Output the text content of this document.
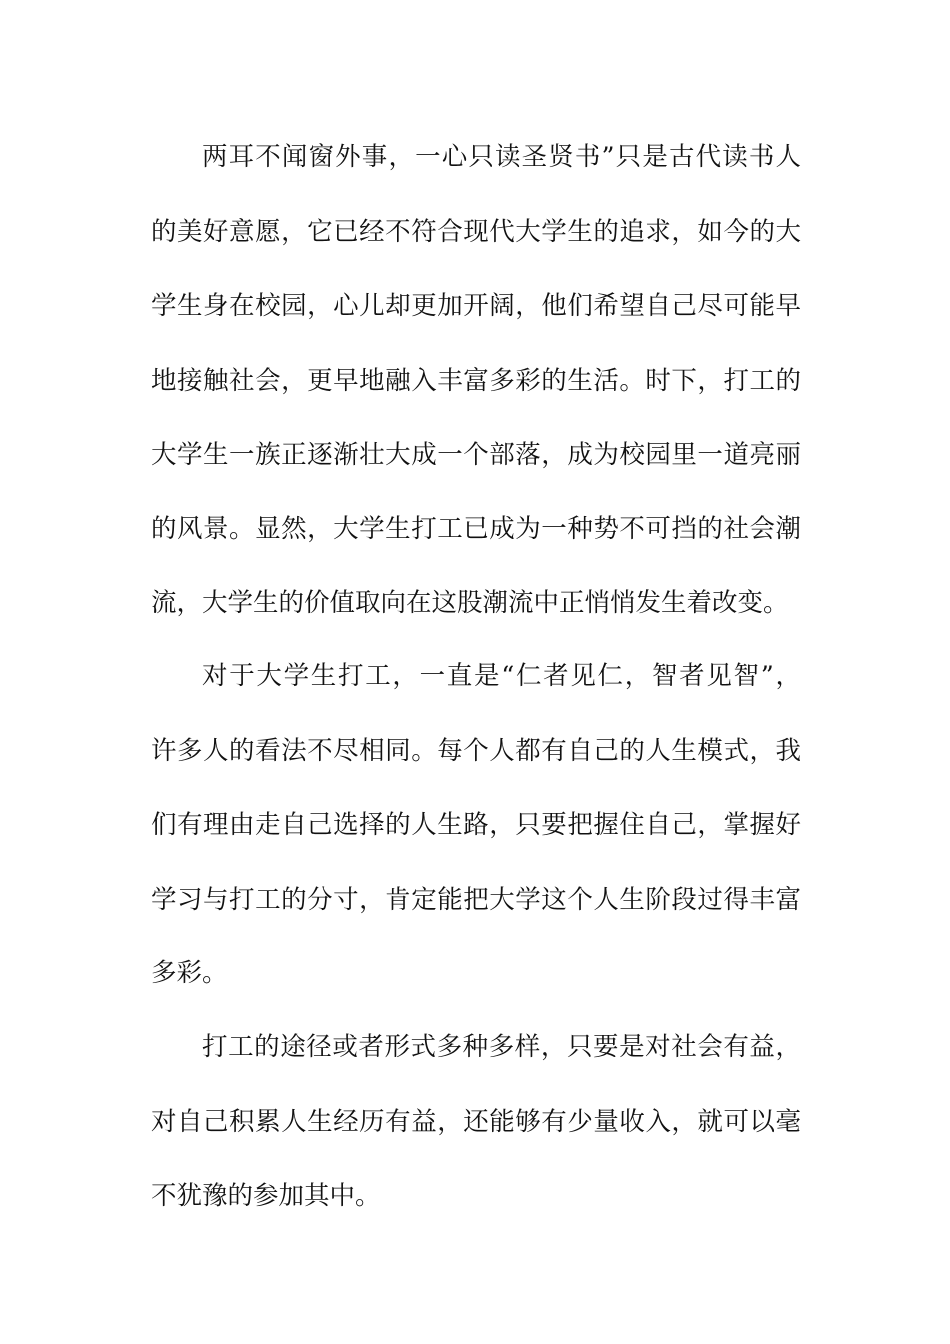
两耳不闻窗外事，一心只读圣贤书”只是古代读书人

的美好意愿，它已经不符合现代大学生的追求，如今的大

学生身在校园，心儿却更加开阔，他们希望自己尽可能早

地接触社会，更早地融入丰富多彩的生活。时下，打工的

大学生一族正逐渐壮大成一个部落，成为校园里一道亮丽

的风景。显然，大学生打工已成为一种势不可挡的社会潮

流，大学生的价值取向在这股潮流中正悄悄发生着改变。

对于大学生打工，一直是“仁者见仁，智者见智”，

许多人的看法不尽相同。每个人都有自己的人生模式，我

们有理由走自己选择的人生路，只要把握住自己，掌握好

学习与打工的分寸，肯定能把大学这个人生阶段过得丰富

多彩。

打工的途径或者形式多种多样，只要是对社会有益，

对自己积累人生经历有益，还能够有少量收入，就可以毫

不犹豫的参加其中。
